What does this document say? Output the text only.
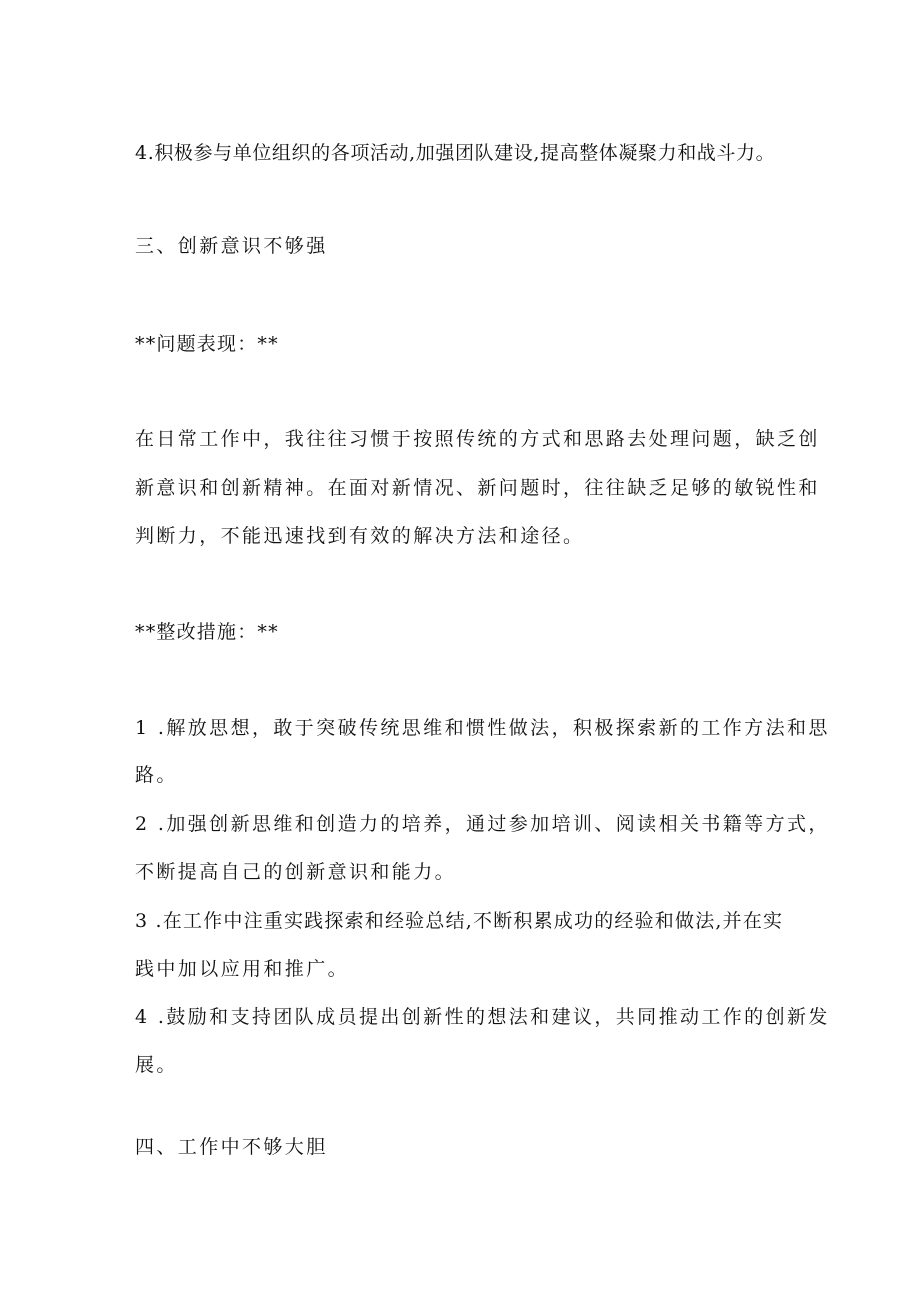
4.积极参与单位组织的各项活动,加强团队建设,提高整体凝聚力和战斗力。
三、创新意识不够强
**问题表现：**
在日常工作中，我往往习惯于按照传统的方式和思路去处理问题，缺乏创
新意识和创新精神。在面对新情况、新问题时，往往缺乏足够的敏锐性和
判断力，不能迅速找到有效的解决方法和途径。
**整改措施：**
1 .解放思想，敢于突破传统思维和惯性做法，积极探索新的工作方法和思
路。
2 .加强创新思维和创造力的培养，通过参加培训、阅读相关书籍等方式，
不断提高自己的创新意识和能力。
3 .在工作中注重实践探索和经验总结,不断积累成功的经验和做法,并在实
践中加以应用和推广。
4 .鼓励和支持团队成员提出创新性的想法和建议，共同推动工作的创新发
展。
四、工作中不够大胆
